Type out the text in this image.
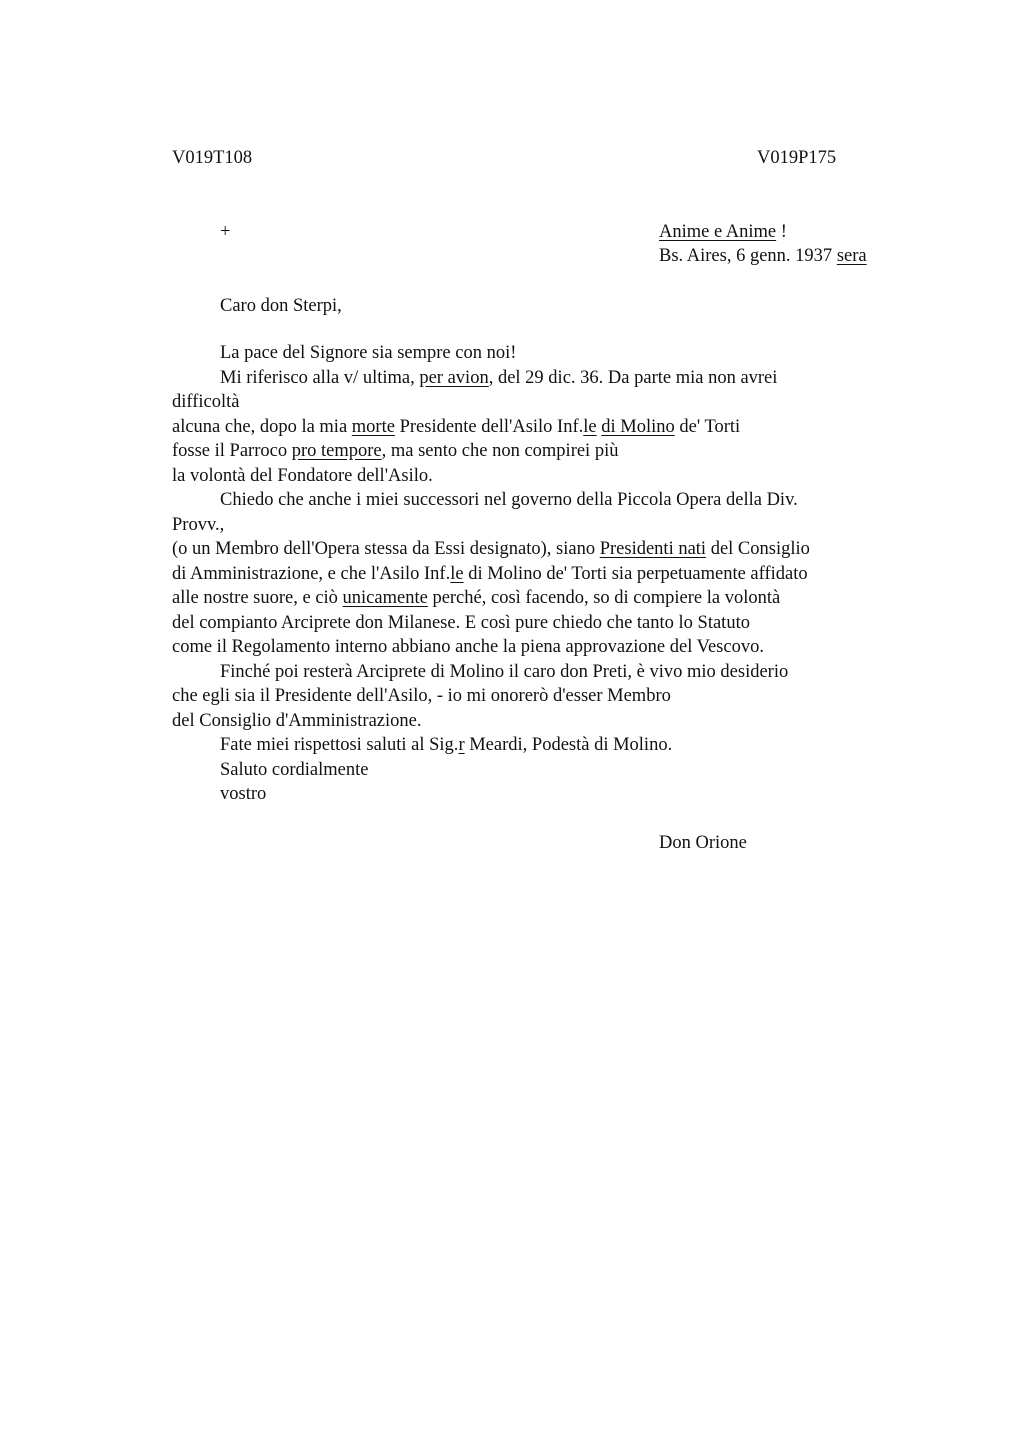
V019T108	V019P175
+	Anime e Anime !
Bs. Aires, 6 genn. 1937 sera
Caro don Sterpi,
La pace del Signore sia sempre con noi!
Mi riferisco alla v/ ultima, per avion, del 29 dic. 36. Da parte mia non avrei
difficoltà
alcuna che, dopo la mia morte Presidente dell'Asilo Inf.le di Molino de' Torti
fosse il Parroco pro tempore, ma sento che non compirei più
la volontà del Fondatore dell'Asilo.
Chiedo che anche i miei successori nel governo della Piccola Opera della Div.
Provv.,
(o un Membro dell'Opera stessa da Essi designato), siano Presidenti nati del Consiglio
di Amministrazione, e che l'Asilo Inf.le di Molino de' Torti sia perpetuamente affidato
alle nostre suore, e ciò unicamente perché, così facendo, so di compiere la volontà
del compianto Arciprete don Milanese. E così pure chiedo che tanto lo Statuto
come il Regolamento interno abbiano anche la piena approvazione del Vescovo.
Finché poi resterà Arciprete di Molino il caro don Preti, è vivo mio desiderio
che egli sia il Presidente dell'Asilo, - io mi onorerò d'esser Membro
del Consiglio d'Amministrazione.
Fate miei rispettosi saluti al Sig.r Meardi, Podestà di Molino.
Saluto cordialmente
vostro
Don Orione
